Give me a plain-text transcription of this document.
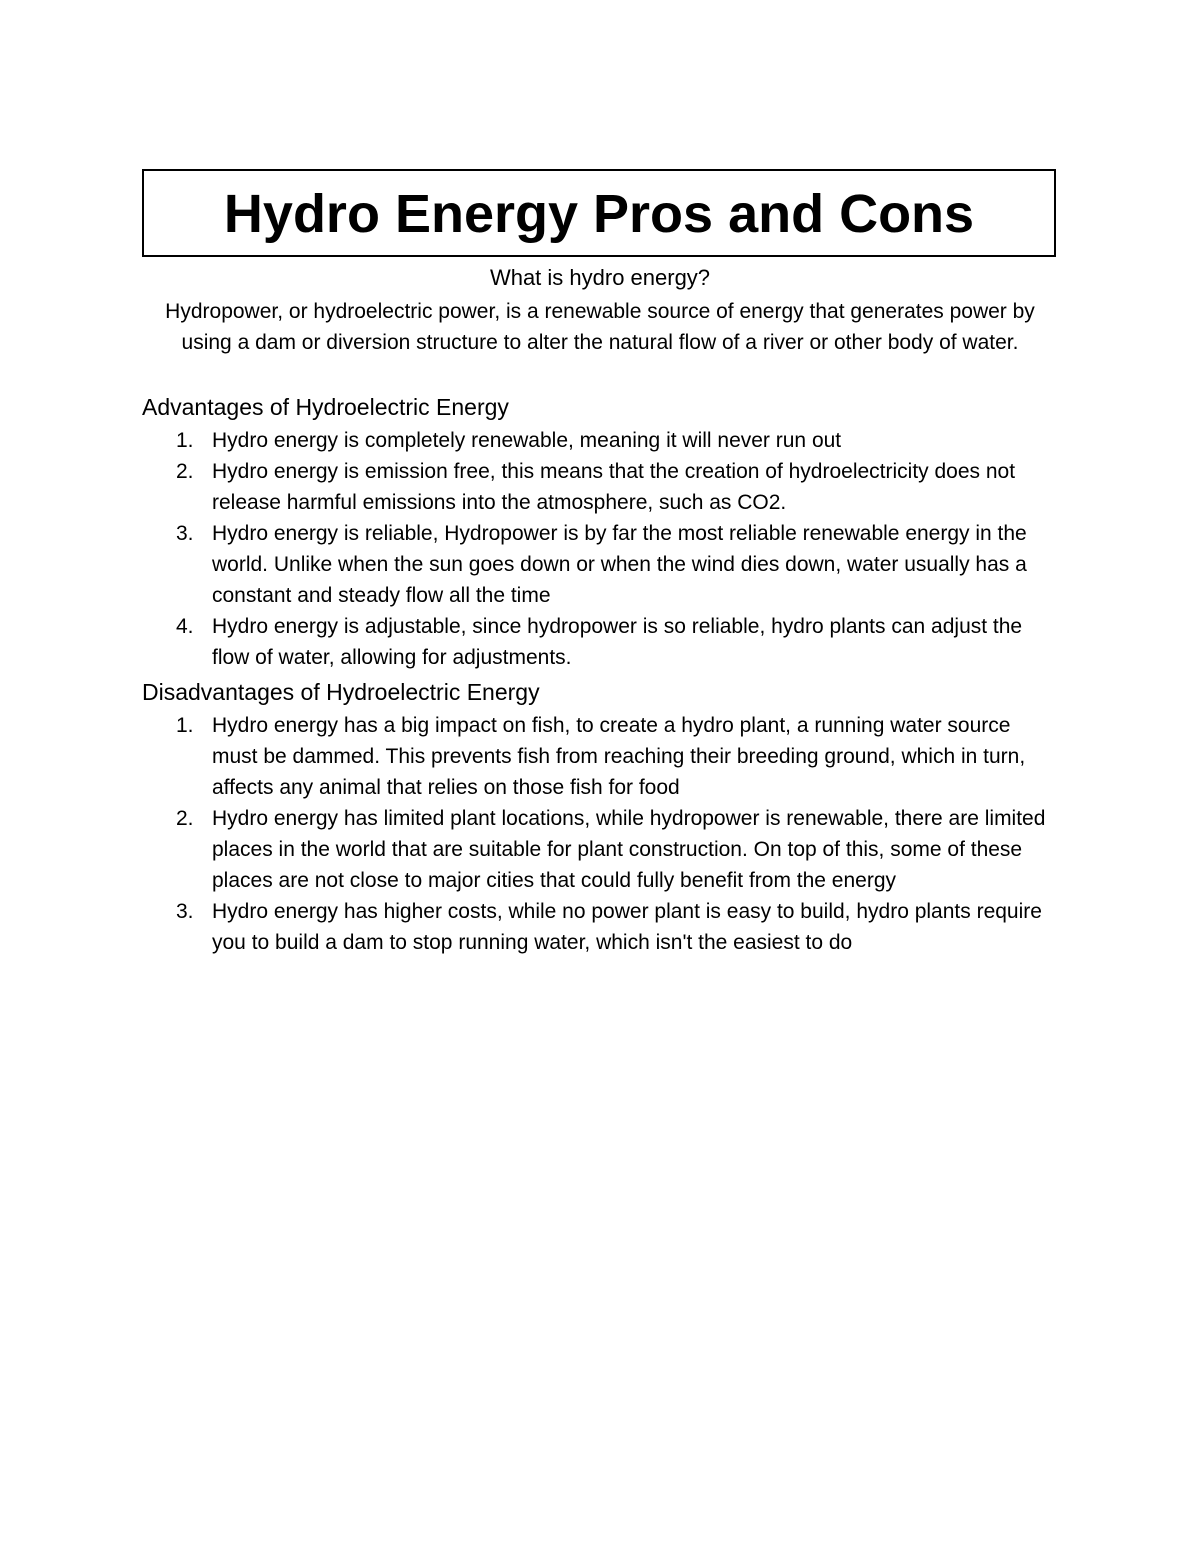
Hydro Energy Pros and Cons
What is hydro energy?

Hydropower, or hydroelectric power, is a renewable source of energy that generates power by using a dam or diversion structure to alter the natural flow of a river or other body of water.

Advantages of Hydroelectric Energy
1. Hydro energy is completely renewable, meaning it will never run out
2. Hydro energy is emission free, this means that the creation of hydroelectricity does not release harmful emissions into the atmosphere, such as CO2.
3. Hydro energy is reliable, Hydropower is by far the most reliable renewable energy in the world. Unlike when the sun goes down or when the wind dies down, water usually has a constant and steady flow all the time
4. Hydro energy is adjustable, since hydropower is so reliable, hydro plants can adjust the flow of water, allowing for adjustments.
Disadvantages of Hydroelectric Energy
1. Hydro energy has a big impact on fish, to create a hydro plant, a running water source must be dammed. This prevents fish from reaching their breeding ground, which in turn, affects any animal that relies on those fish for food
2. Hydro energy has limited plant locations, while hydropower is renewable, there are limited places in the world that are suitable for plant construction. On top of this, some of these places are not close to major cities that could fully benefit from the energy
3. Hydro energy has higher costs, while no power plant is easy to build, hydro plants require you to build a dam to stop running water, which isn't the easiest to do
